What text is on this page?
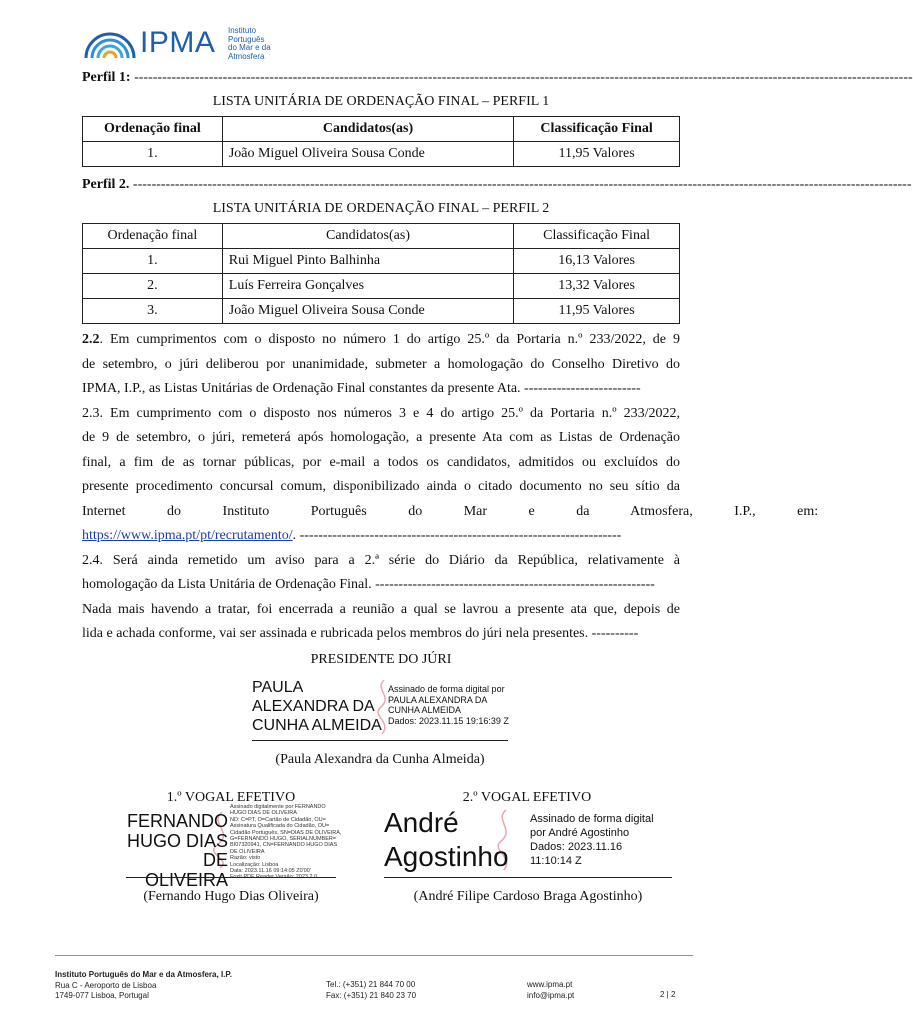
IPMA Instituto
Português
do Mar e da
Atmosfera
Perfil 1: -----------------------------------------------------------------------------------------------------------------------------------------------------------------------
LISTA UNITÁRIA DE ORDENAÇÃO FINAL – PERFIL 1
Ordenação final	Candidatos(as)	Classificação Final
1.	João Miguel Oliveira Sousa Conde	11,95 Valores
Perfil 2. -----------------------------------------------------------------------------------------------------------------------------------------------------------------------
LISTA UNITÁRIA DE ORDENAÇÃO FINAL – PERFIL 2
Ordenação final	Candidatos(as)	Classificação Final
1.	Rui Miguel Pinto Balhinha	16,13 Valores
2.	Luís Ferreira Gonçalves	13,32 Valores
3.	João Miguel Oliveira Sousa Conde	11,95 Valores
2.2. Em cumprimentos com o disposto no número 1 do artigo 25.º da Portaria n.º 233/2022, de 9
de setembro, o júri deliberou por unanimidade, submeter a homologação do Conselho Diretivo do
IPMA, I.P., as Listas Unitárias de Ordenação Final constantes da presente Ata. -------------------------
2.3. Em cumprimento com o disposto nos números 3 e 4 do artigo 25.º da Portaria n.º 233/2022,
de 9 de setembro, o júri, remeterá após homologação, a presente Ata com as Listas de Ordenação
final, a fim de as tornar públicas, por e-mail a todos os candidatos, admitidos ou excluídos do
presente procedimento concursal comum, disponibilizado ainda o citado documento no seu sítio da
Internet do Instituto Português do Mar e da Atmosfera, I.P., em:
https://www.ipma.pt/pt/recrutamento/. ---------------------------------------------------------------------
2.4. Será ainda remetido um aviso para a 2.ª série do Diário da República, relativamente à
homologação da Lista Unitária de Ordenação Final. ------------------------------------------------------------
Nada mais havendo a tratar, foi encerrada a reunião a qual se lavrou a presente ata que, depois de
lida e achada conforme, vai ser assinada e rubricada pelos membros do júri nela presentes. ----------
PRESIDENTE DO JÚRI
PAULA
ALEXANDRA DA
CUNHA ALMEIDA
Assinado de forma digital por
PAULA ALEXANDRA DA
CUNHA ALMEIDA
Dados: 2023.11.15 19:16:39 Z
(Paula Alexandra da Cunha Almeida)
1.º VOGAL EFETIVO
FERNANDO
HUGO DIAS
DE OLIVEIRA
Assinado digitalmente por FERNANDO
HUGO DIAS DE OLIVEIRA
ND: C=PT, O=Cartão de Cidadão, OU=
Assinatura Qualificada do Cidadão, OU=
Cidadão Português, SN=DIAS DE OLIVEIRA,
G=FERNANDO HUGO, SERIALNUMBER=
BI07320941, CN=FERNANDO HUGO DIAS
DE OLIVEIRA
Razão: visto
Localização: Lisboa
Data: 2023.11.16 09:14:05 Z0'00'
Foxit PDF Reader Versão: 2023.2.0
(Fernando Hugo Dias Oliveira)
2.º VOGAL EFETIVO
André
Agostinho
Assinado de forma digital
por André Agostinho
Dados: 2023.11.16
11:10:14 Z
(André Filipe Cardoso Braga Agostinho)
Instituto Português do Mar e da Atmosfera, I.P.
Rua C - Aeroporto de Lisboa
1749-077 Lisboa, Portugal
Tel.: (+351) 21 844 70 00
Fax: (+351) 21 840 23 70
www.ipma.pt
info@ipma.pt	2 | 2
